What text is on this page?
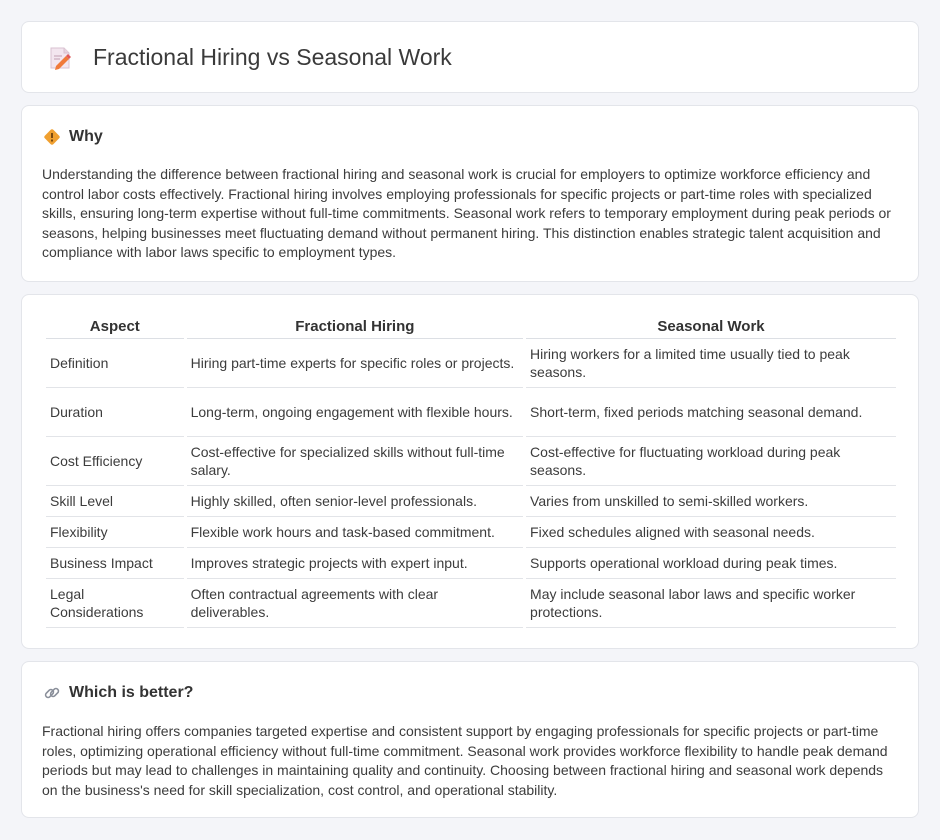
Fractional Hiring vs Seasonal Work
Why

Understanding the difference between fractional hiring and seasonal work is crucial for employers to optimize workforce efficiency and control labor costs effectively. Fractional hiring involves employing professionals for specific projects or part-time roles with specialized skills, ensuring long-term expertise without full-time commitments. Seasonal work refers to temporary employment during peak periods or seasons, helping businesses meet fluctuating demand without permanent hiring. This distinction enables strategic talent acquisition and compliance with labor laws specific to employment types.

Aspect	Fractional Hiring	Seasonal Work
Definition	Hiring part-time experts for specific roles or projects.	Hiring workers for a limited time usually tied to peak seasons.
Duration	Long-term, ongoing engagement with flexible hours.	Short-term, fixed periods matching seasonal demand.
Cost Efficiency	Cost-effective for specialized skills without full-time salary.	Cost-effective for fluctuating workload during peak seasons.
Skill Level	Highly skilled, often senior-level professionals.	Varies from unskilled to semi-skilled workers.
Flexibility	Flexible work hours and task-based commitment.	Fixed schedules aligned with seasonal needs.
Business Impact	Improves strategic projects with expert input.	Supports operational workload during peak times.
Legal Considerations	Often contractual agreements with clear deliverables.	May include seasonal labor laws and specific worker protections.
Which is better?

Fractional hiring offers companies targeted expertise and consistent support by engaging professionals for specific projects or part-time roles, optimizing operational efficiency without full-time commitment. Seasonal work provides workforce flexibility to handle peak demand periods but may lead to challenges in maintaining quality and continuity. Choosing between fractional hiring and seasonal work depends on the business's need for skill specialization, cost control, and operational stability.
